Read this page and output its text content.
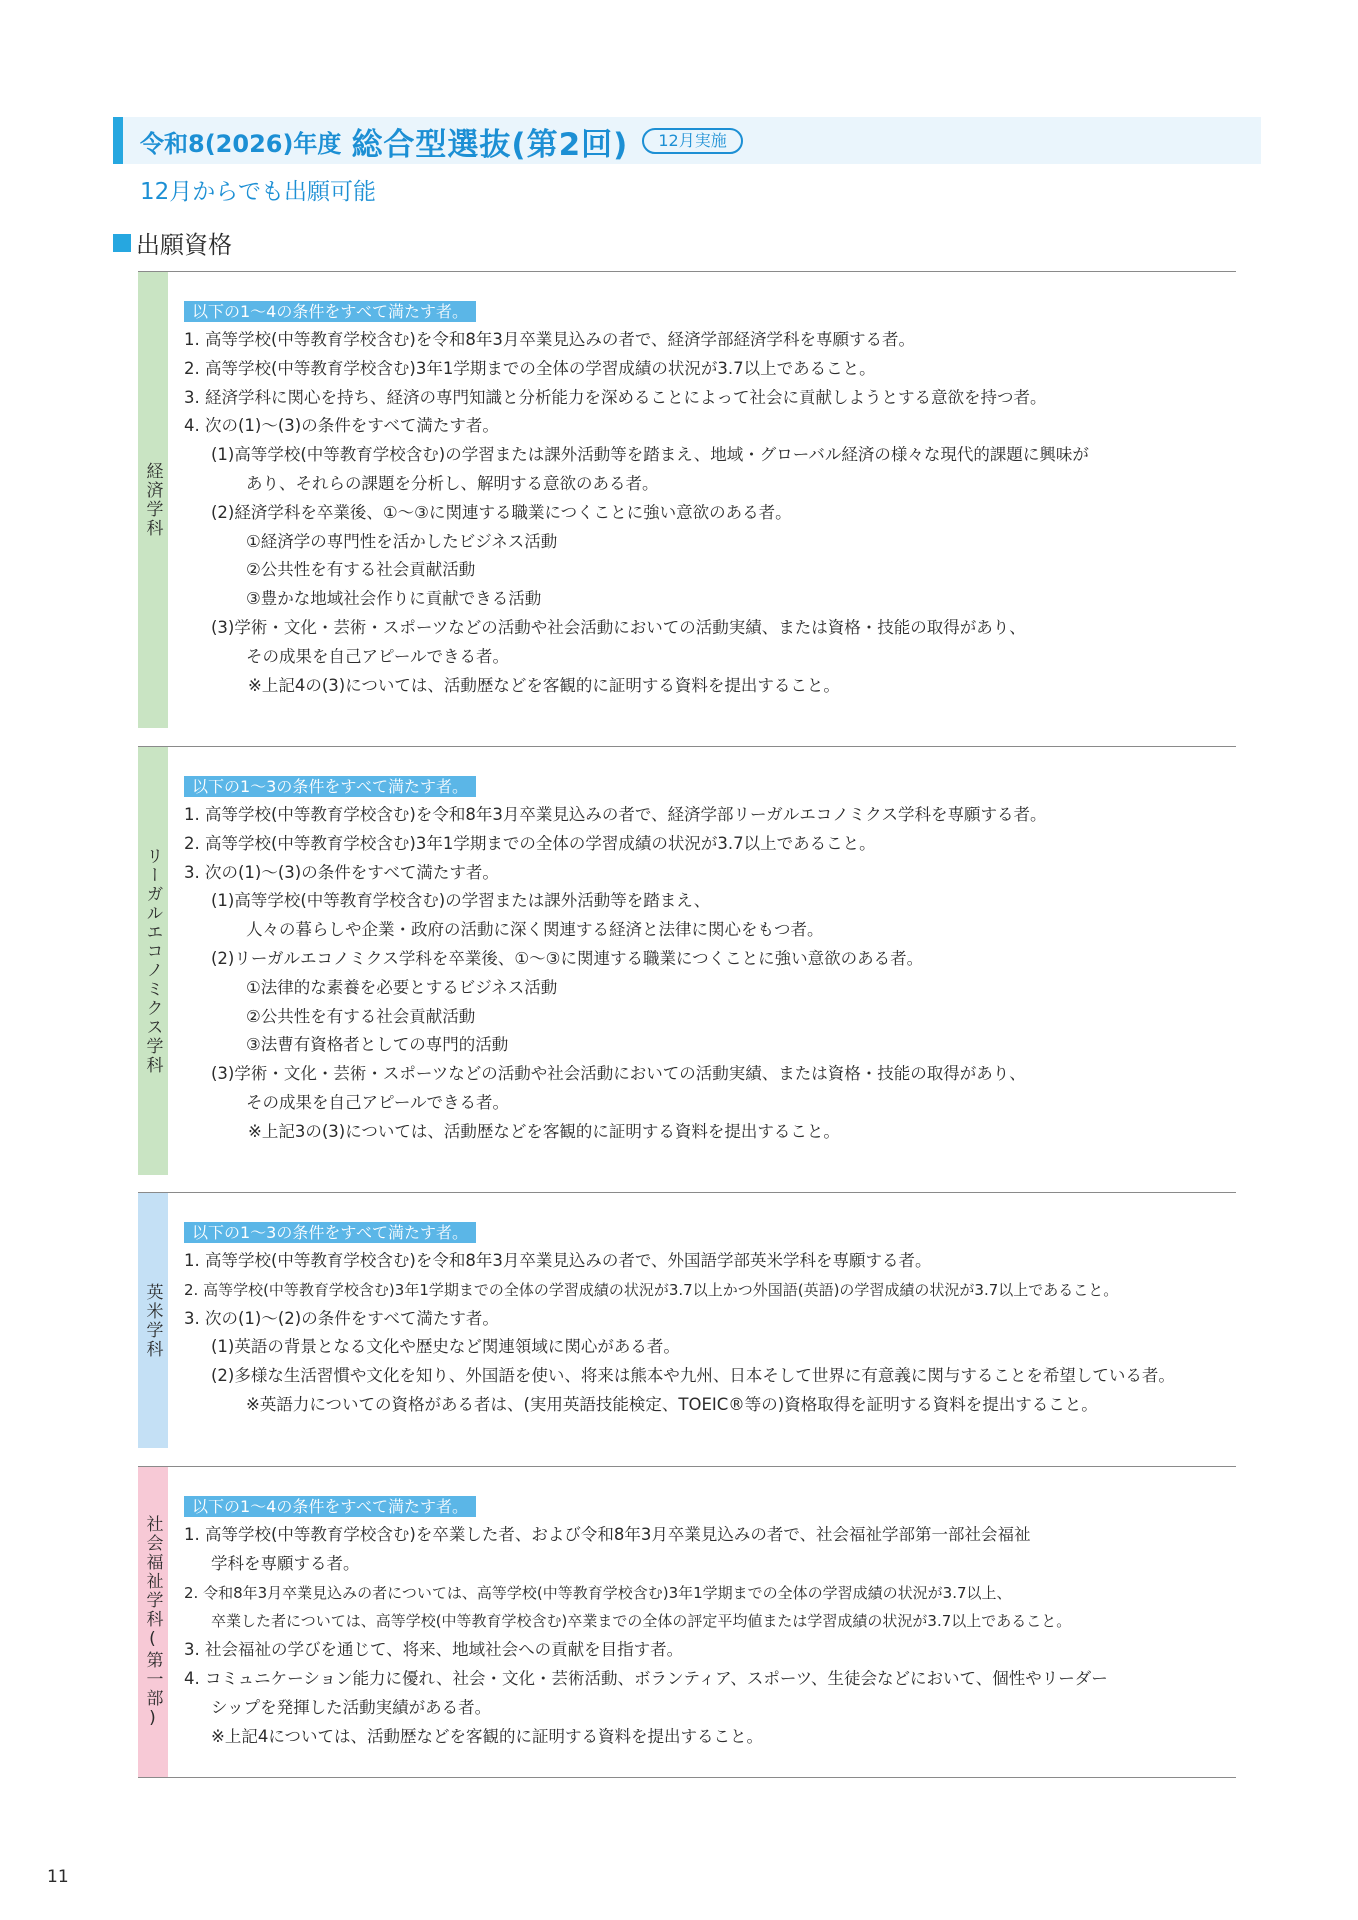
令和8(2026)年度 総合型選抜(第2回)	12月実施
12月からでも出願可能
出願資格
経済学科
以下の1～4の条件をすべて満たす者。
1. 高等学校(中等教育学校含む)を令和8年3月卒業見込みの者で、経済学部経済学科を専願する者。
2. 高等学校(中等教育学校含む)3年1学期までの全体の学習成績の状況が3.7以上であること。
3. 経済学科に関心を持ち、経済の専門知識と分析能力を深めることによって社会に貢献しようとする意欲を持つ者。
4. 次の(1)～(3)の条件をすべて満たす者。
(1)高等学校(中等教育学校含む)の学習または課外活動等を踏まえ、地域・グローバル経済の様々な現代的課題に興味が
あり、それらの課題を分析し、解明する意欲のある者。
(2)経済学科を卒業後、①～③に関連する職業につくことに強い意欲のある者。
①経済学の専門性を活かしたビジネス活動
②公共性を有する社会貢献活動
③豊かな地域社会作りに貢献できる活動
(3)学術・文化・芸術・スポーツなどの活動や社会活動においての活動実績、または資格・技能の取得があり、
その成果を自己アピールできる者。
※上記4の(3)については、活動歴などを客観的に証明する資料を提出すること。
リーガルエコノミクス学科
以下の1～3の条件をすべて満たす者。
1. 高等学校(中等教育学校含む)を令和8年3月卒業見込みの者で、経済学部リーガルエコノミクス学科を専願する者。
2. 高等学校(中等教育学校含む)3年1学期までの全体の学習成績の状況が3.7以上であること。
3. 次の(1)～(3)の条件をすべて満たす者。
(1)高等学校(中等教育学校含む)の学習または課外活動等を踏まえ、
人々の暮らしや企業・政府の活動に深く関連する経済と法律に関心をもつ者。
(2)リーガルエコノミクス学科を卒業後、①～③に関連する職業につくことに強い意欲のある者。
①法律的な素養を必要とするビジネス活動
②公共性を有する社会貢献活動
③法曹有資格者としての専門的活動
(3)学術・文化・芸術・スポーツなどの活動や社会活動においての活動実績、または資格・技能の取得があり、
その成果を自己アピールできる者。
※上記3の(3)については、活動歴などを客観的に証明する資料を提出すること。
英米学科
以下の1～3の条件をすべて満たす者。
1. 高等学校(中等教育学校含む)を令和8年3月卒業見込みの者で、外国語学部英米学科を専願する者。
2. 高等学校(中等教育学校含む)3年1学期までの全体の学習成績の状況が3.7以上かつ外国語(英語)の学習成績の状況が3.7以上であること。
3. 次の(1)～(2)の条件をすべて満たす者。
(1)英語の背景となる文化や歴史など関連領域に関心がある者。
(2)多様な生活習慣や文化を知り、外国語を使い、将来は熊本や九州、日本そして世界に有意義に関与することを希望している者。
※英語力についての資格がある者は、(実用英語技能検定、TOEIC®等の)資格取得を証明する資料を提出すること。
社会福祉学科(第一部)
以下の1～4の条件をすべて満たす者。
1. 高等学校(中等教育学校含む)を卒業した者、および令和8年3月卒業見込みの者で、社会福祉学部第一部社会福祉
学科を専願する者。
2. 令和8年3月卒業見込みの者については、高等学校(中等教育学校含む)3年1学期までの全体の学習成績の状況が3.7以上、
卒業した者については、高等学校(中等教育学校含む)卒業までの全体の評定平均値または学習成績の状況が3.7以上であること。
3. 社会福祉の学びを通じて、将来、地域社会への貢献を目指す者。
4. コミュニケーション能力に優れ、社会・文化・芸術活動、ボランティア、スポーツ、生徒会などにおいて、個性やリーダー
シップを発揮した活動実績がある者。
※上記4については、活動歴などを客観的に証明する資料を提出すること。
11
